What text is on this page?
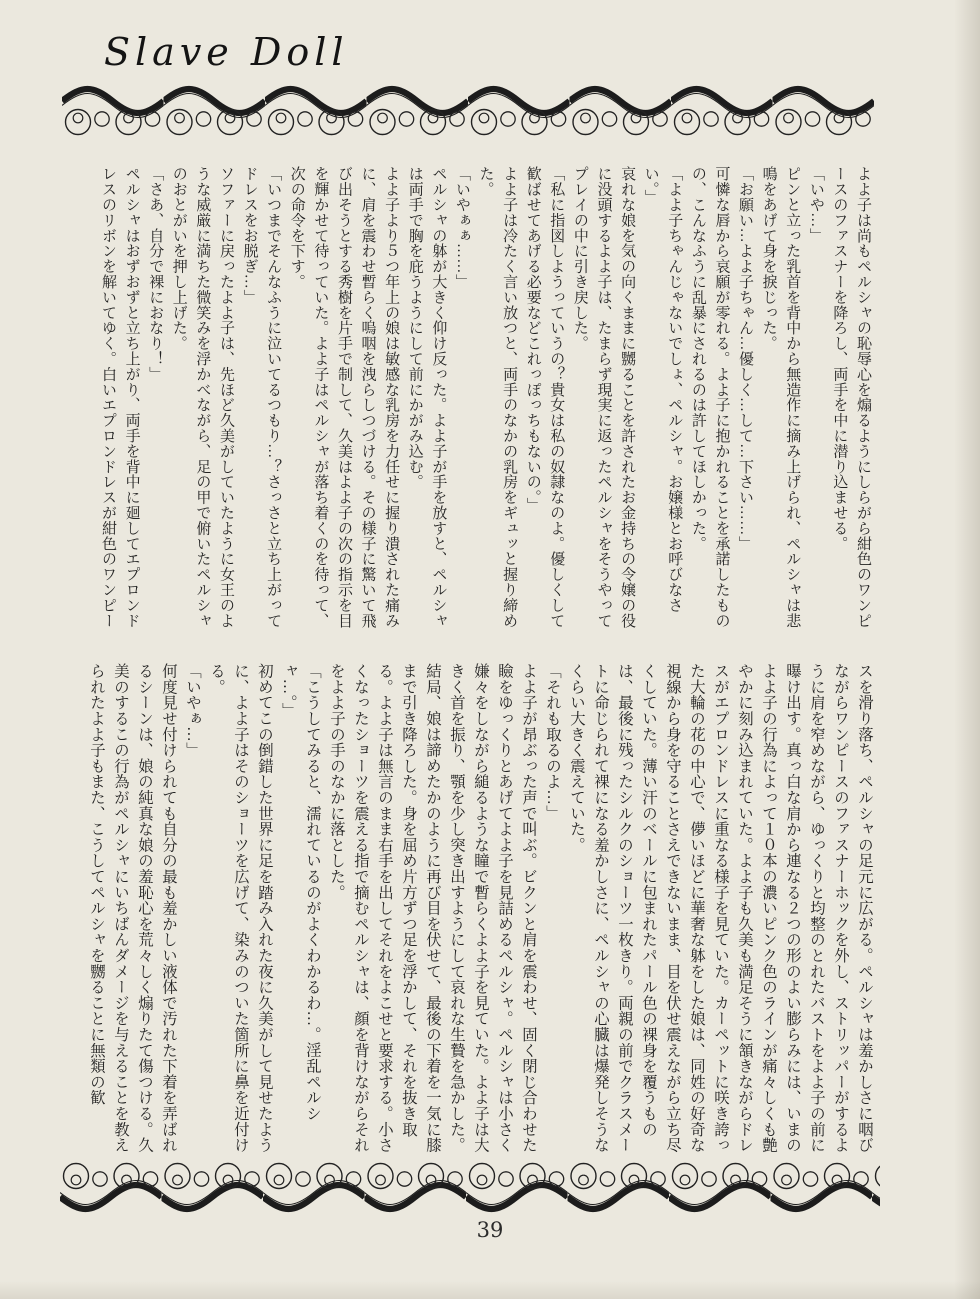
Slave Doll

よよ子は尚もペルシャの恥辱心を煽るようにしらがら紺色のワンピースのファスナーを降ろし、両手を中に潜り込ませる。

「いや…」

ピンと立った乳首を背中から無造作に摘み上げられ、ペルシャは悲鳴をあげて身を捩じった。

「お願い…よよ子ちゃん…優しく…して…下さい……」

可憐な唇から哀願が零れる。よよ子に抱かれることを承諾したものの、こんなふうに乱暴にされるのは許してほしかった。

「よよ子ちゃんじゃないでしょ、ペルシャ。お嬢様とお呼びなさい。」

哀れな娘を気の向くままに嬲ることを許されたお金持ちの令嬢の役に没頭するよよ子は、たまらず現実に返ったペルシャをそうやってプレイの中に引き戻した。

「私に指図しようっていうの？貴女は私の奴隷なのよ。優しくして歓ばせてあげる必要などこれっぽっちもないの。」

よよ子は冷たく言い放つと、両手のなかの乳房をギュッと握り締めた。

「いやぁぁ……」

ペルシャの躰が大きく仰け反った。よよ子が手を放すと、ペルシャは両手で胸を庇うようにして前にかがみ込む。

よよ子より５つ年上の娘は敏感な乳房を力任せに握り潰された痛みに、肩を震わせ暫らく嗚咽を洩らしつづける。その様子に驚いて飛び出そうとする秀樹を片手で制して、久美はよよ子の次の指示を目を輝かせて待っていた。よよ子はペルシャが落ち着くのを待って、次の命令を下す。

「いつまでそんなふうに泣いてるつもり…？さっさと立ち上がってドレスをお脱ぎ…」

ソファーに戻ったよよ子は、先ほど久美がしていたように女王のような威厳に満ちた微笑みを浮かべながら、足の甲で俯いたペルシャのおとがいを押し上げた。

「さあ、自分で裸におなり！」

ペルシャはおずおずと立ち上がり、両手を背中に廻してエプロンドレスのリボンを解いてゆく。白いエプロンドレスが紺色のワンピー

スを滑り落ち、ペルシャの足元に広がる。ペルシャは羞かしさに咽びながらワンピースのファスナーホックを外し、ストリッパーがするように肩を窄めながら、ゆっくりと均整のとれたバストをよよ子の前に曝け出す。真っ白な肩から連なる２つの形のよい膨らみには、いまのよよ子の行為によって１０本の濃いピンク色のラインが痛々しくも艶やかに刻み込まれていた。よよ子も久美も満足そうに頷きながらドレスがエプロンドレスに重なる様子を見ていた。カーペットに咲き誇った大輪の花の中心で、儚いほどに華奢な躰をした娘は、同姓の好奇な視線から身を守ることさえできないまま、目を伏せ震えながら立ち尽くしていた。薄い汗のベールに包まれたパール色の裸身を覆うものは、最後に残ったシルクのショーツ一枚きり。両親の前でクラスメートに命じられて裸になる羞かしさに、ペルシャの心臓は爆発しそうなくらい大きく震えていた。

「それも取るのよ…」

よよ子が昂ぶった声で叫ぶ。ビクンと肩を震わせ、固く閉じ合わせた瞼をゆっくりとあげてよよ子を見詰めるペルシャ。ペルシャは小さく嫌々をしながら縋るような瞳で暫らくよよ子を見ていた。よよ子は大きく首を振り、顎を少し突き出すようにして哀れな生贄を急かした。結局、娘は諦めたかのように再び目を伏せて、最後の下着を一気に膝まで引き降ろした。身を屈め片方ずつ足を浮かして、それを抜き取る。よよ子は無言のまま右手を出してそれをよこせと要求する。小さくなったショーツを震える指で摘むペルシャは、顔を背けながらそれをよよ子の手のなかに落とした。

「こうしてみると、濡れているのがよくわかるわ…。淫乱ペルシャ…。」

初めてこの倒錯した世界に足を踏み入れた夜に久美がして見せたように、よよ子はそのショーツを広げて、染みのついた箇所に鼻を近付ける。

「いやぁ…」

何度見せ付けられても自分の最も羞かしい液体で汚れた下着を弄ばれるシーンは、娘の純真な娘の羞恥心を荒々しく煽りたて傷つける。久美のするこの行為がペルシャにいちばんダメージを与えることを教えられたよよ子もまた、こうしてペルシャを嬲ることに無類の歓

39
